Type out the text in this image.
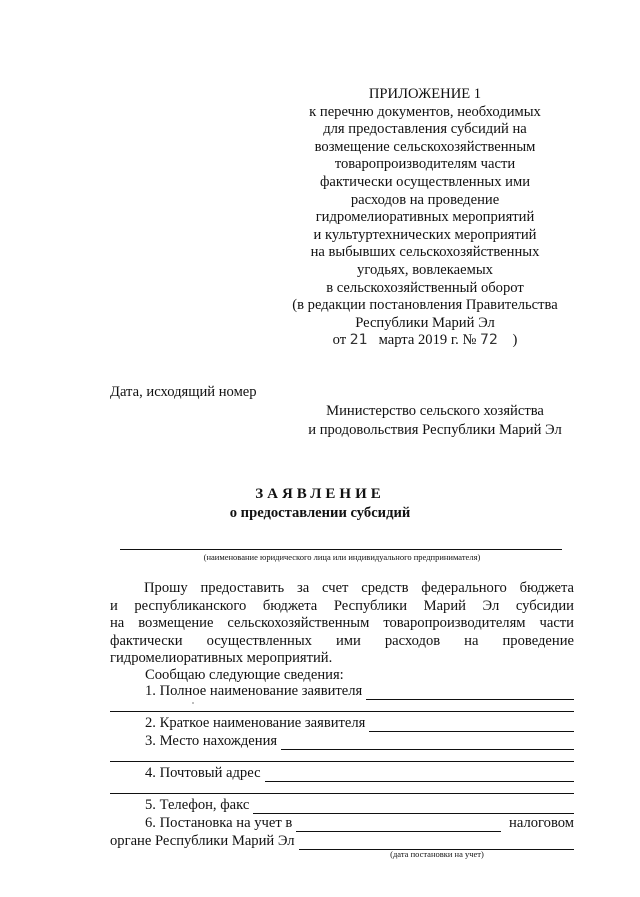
ПРИЛОЖЕНИЕ 1
к перечню документов, необходимых
для предоставления субсидий на
возмещение сельскохозяйственным
товаропроизводителям части
фактически осуществленных ими
расходов на проведение
гидромелиоративных мероприятий
и культуртехнических мероприятий
на выбывших сельскохозяйственных
угодьях, вовлекаемых
в сельскохозяйственный оборот
(в редакции постановления Правительства
Республики Марий Эл
от 21 марта 2019 г. № 72 )
Дата, исходящий номер
Министерство сельского хозяйства
и продовольствия Республики Марий Эл
ЗАЯВЛЕНИЕ
о предоставлении субсидий
(наименование юридического лица или индивидуального предпринимателя)
Прошу предоставить за счет средств федерального бюджета
и республиканского бюджета Республики Марий Эл субсидии
на возмещение сельскохозяйственным товаропроизводителям части
фактически осуществленных ими расходов на проведение
гидромелиоративных мероприятий.
Сообщаю следующие сведения:
1. Полное наименование заявителя
2. Краткое наименование заявителя
3. Место нахождения
4. Почтовый адрес
5. Телефон, факс
6. Постановка на учет в	налоговом
органе Республики Марий Эл
(дата постановки на учет)
